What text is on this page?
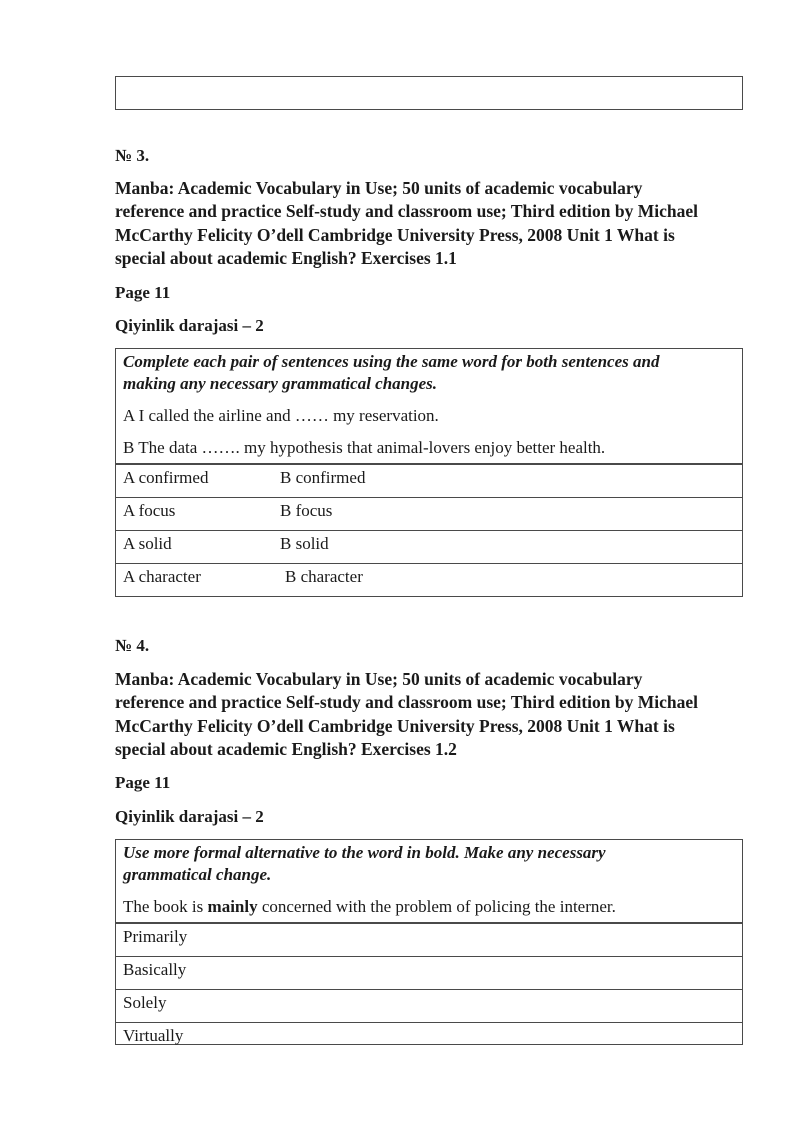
№ 3.

Manba: Academic Vocabulary in Use; 50 units of academic vocabulary

reference and practice Self-study and classroom use; Third edition by Michael

McCarthy Felicity O’dell Cambridge University Press, 2008 Unit 1 What is

special about academic English? Exercises 1.1

Page 11

Qiyinlik darajasi – 2

Complete each pair of sentences using the same word for both sentences and

making any necessary grammatical changes.

A I called the airline and …… my reservation.

B The data ……. my hypothesis that animal-lovers enjoy better health.

A confirmed	B confirmed
A focus	B focus
A solid	B solid
A character	B character

№ 4.

Manba: Academic Vocabulary in Use; 50 units of academic vocabulary

reference and practice Self-study and classroom use; Third edition by Michael

McCarthy Felicity O’dell Cambridge University Press, 2008 Unit 1 What is

special about academic English? Exercises 1.2

Page 11

Qiyinlik darajasi – 2

Use more formal alternative to the word in bold. Make any necessary

grammatical change.

The book is mainly concerned with the problem of policing the interner.

Primarily
Basically
Solely
Virtually
